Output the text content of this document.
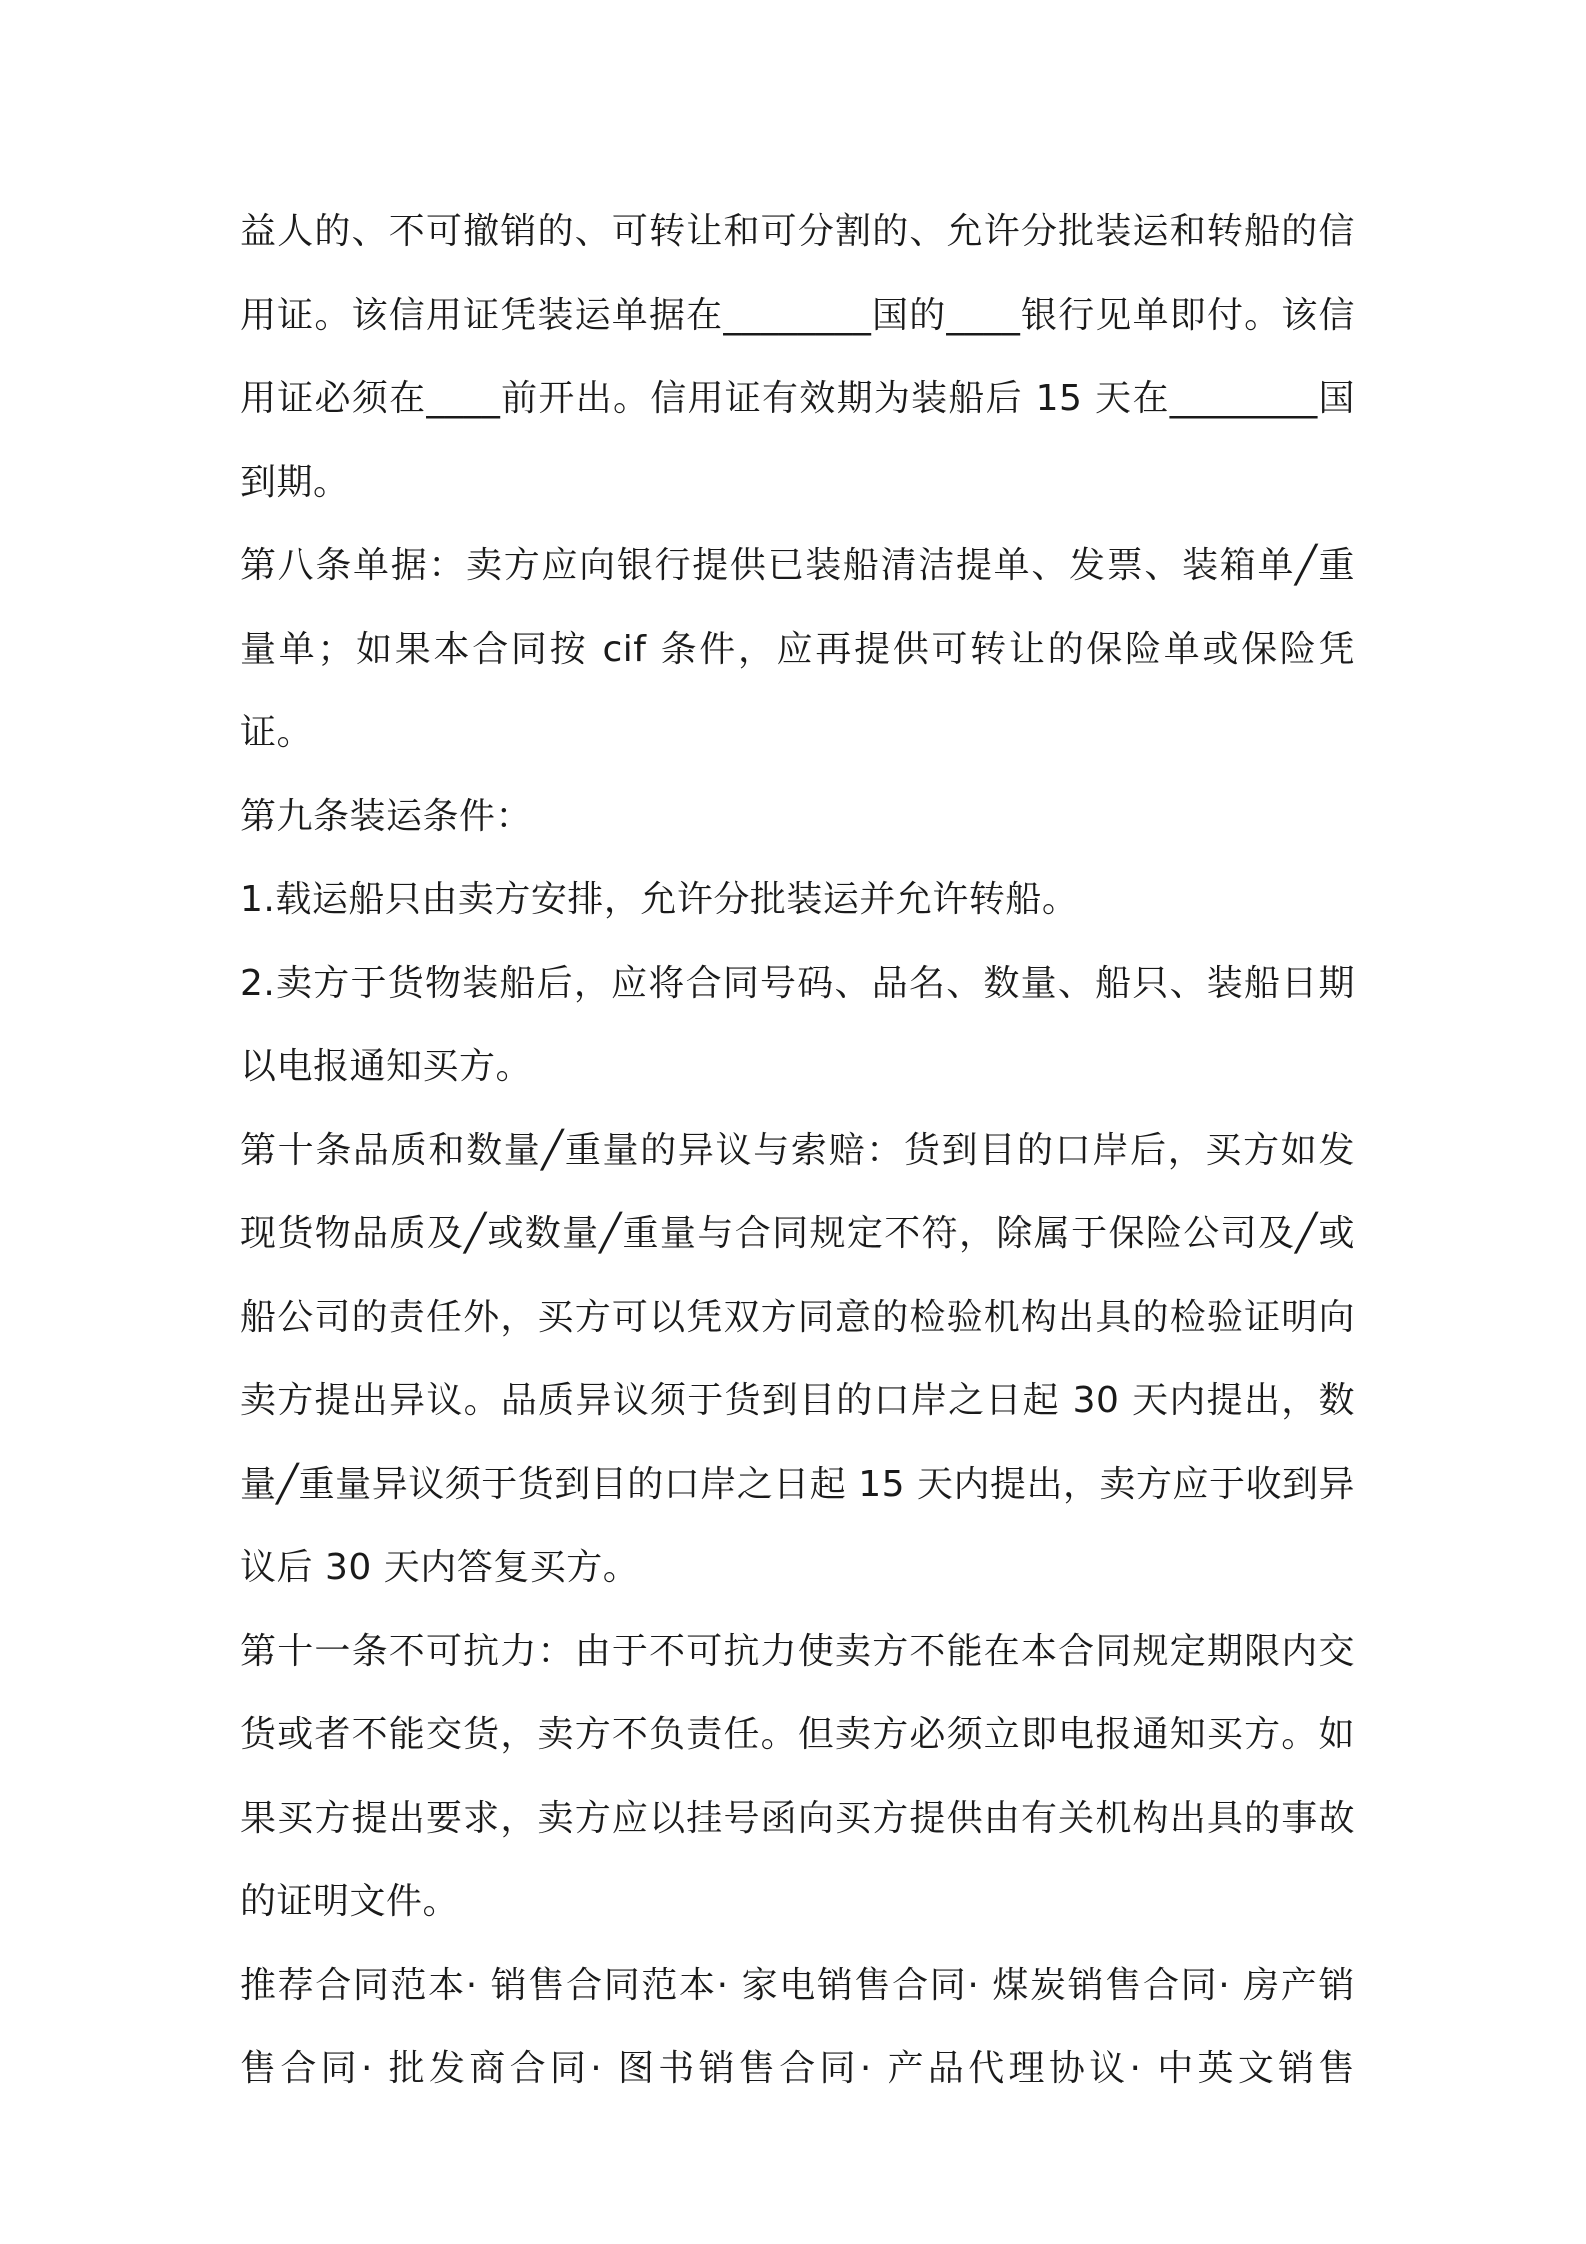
益人的、不可撤销的、可转让和可分割的、允许分批装运和转船的信用证。该信用证凭装运单据在________国的____银行见单即付。该信用证必须在____前开出。信用证有效期为装船后 15 天在________国到期。

第八条单据：卖方应向银行提供已装船清洁提单、发票、装箱单╱重量单；如果本合同按 cif 条件，应再提供可转让的保险单或保险凭证。

第九条装运条件：

1.载运船只由卖方安排，允许分批装运并允许转船。

2.卖方于货物装船后，应将合同号码、品名、数量、船只、装船日期以电报通知买方。

第十条品质和数量╱重量的异议与索赔：货到目的口岸后，买方如发现货物品质及╱或数量╱重量与合同规定不符，除属于保险公司及╱或船公司的责任外，买方可以凭双方同意的检验机构出具的检验证明向卖方提出异议。品质异议须于货到目的口岸之日起 30 天内提出，数量╱重量异议须于货到目的口岸之日起 15 天内提出，卖方应于收到异议后 30 天内答复买方。

第十一条不可抗力：由于不可抗力使卖方不能在本合同规定期限内交货或者不能交货，卖方不负责任。但卖方必须立即电报通知买方。如果买方提出要求，卖方应以挂号函向买方提供由有关机构出具的事故的证明文件。

推荐合同范本· 销售合同范本· 家电销售合同· 煤炭销售合同· 房产销售合同· 批发商合同· 图书销售合同· 产品代理协议· 中英文销售
